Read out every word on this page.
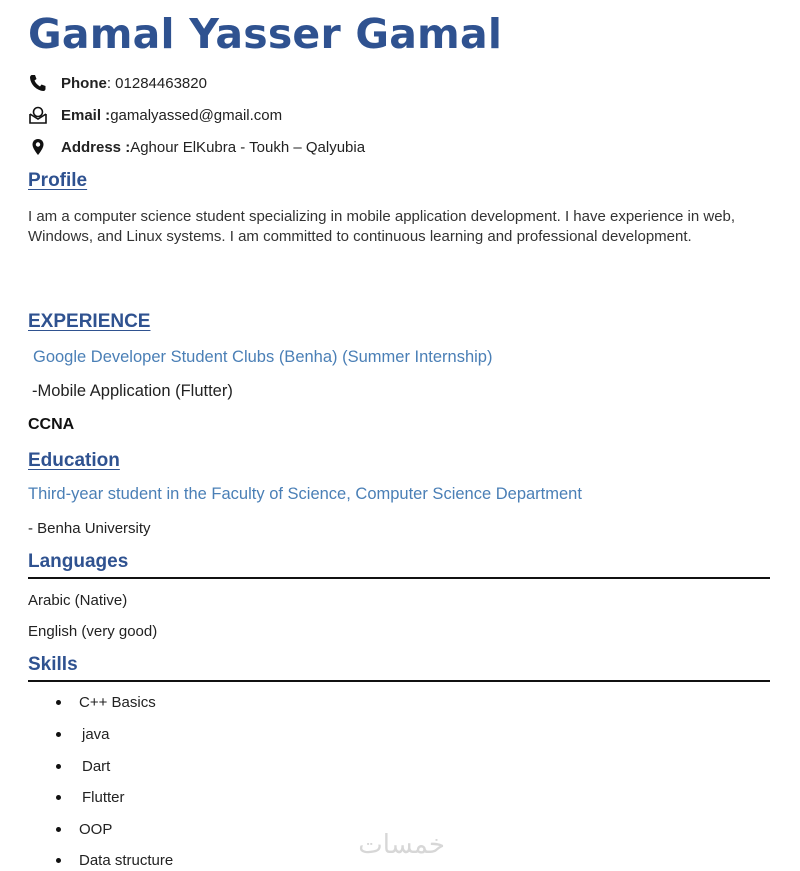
Gamal Yasser Gamal
Phone : 01284463820
Email : gamalyassed@gmail.com
Address : Aghour ElKubra - Toukh – Qalyubia
Profile
I am a computer science student specializing in mobile application development. I have experience in web, Windows, and Linux systems. I am committed to continuous learning and professional development.
EXPERIENCE
Google Developer Student Clubs (Benha) (Summer Internship)
-Mobile Application (Flutter)
CCNA
Education
Third-year student in the Faculty of Science, Computer Science Department
- Benha University
Languages
Arabic (Native)
English (very good)
Skills
C++ Basics
java
Dart
Flutter
OOP
Data structure
خمسات
